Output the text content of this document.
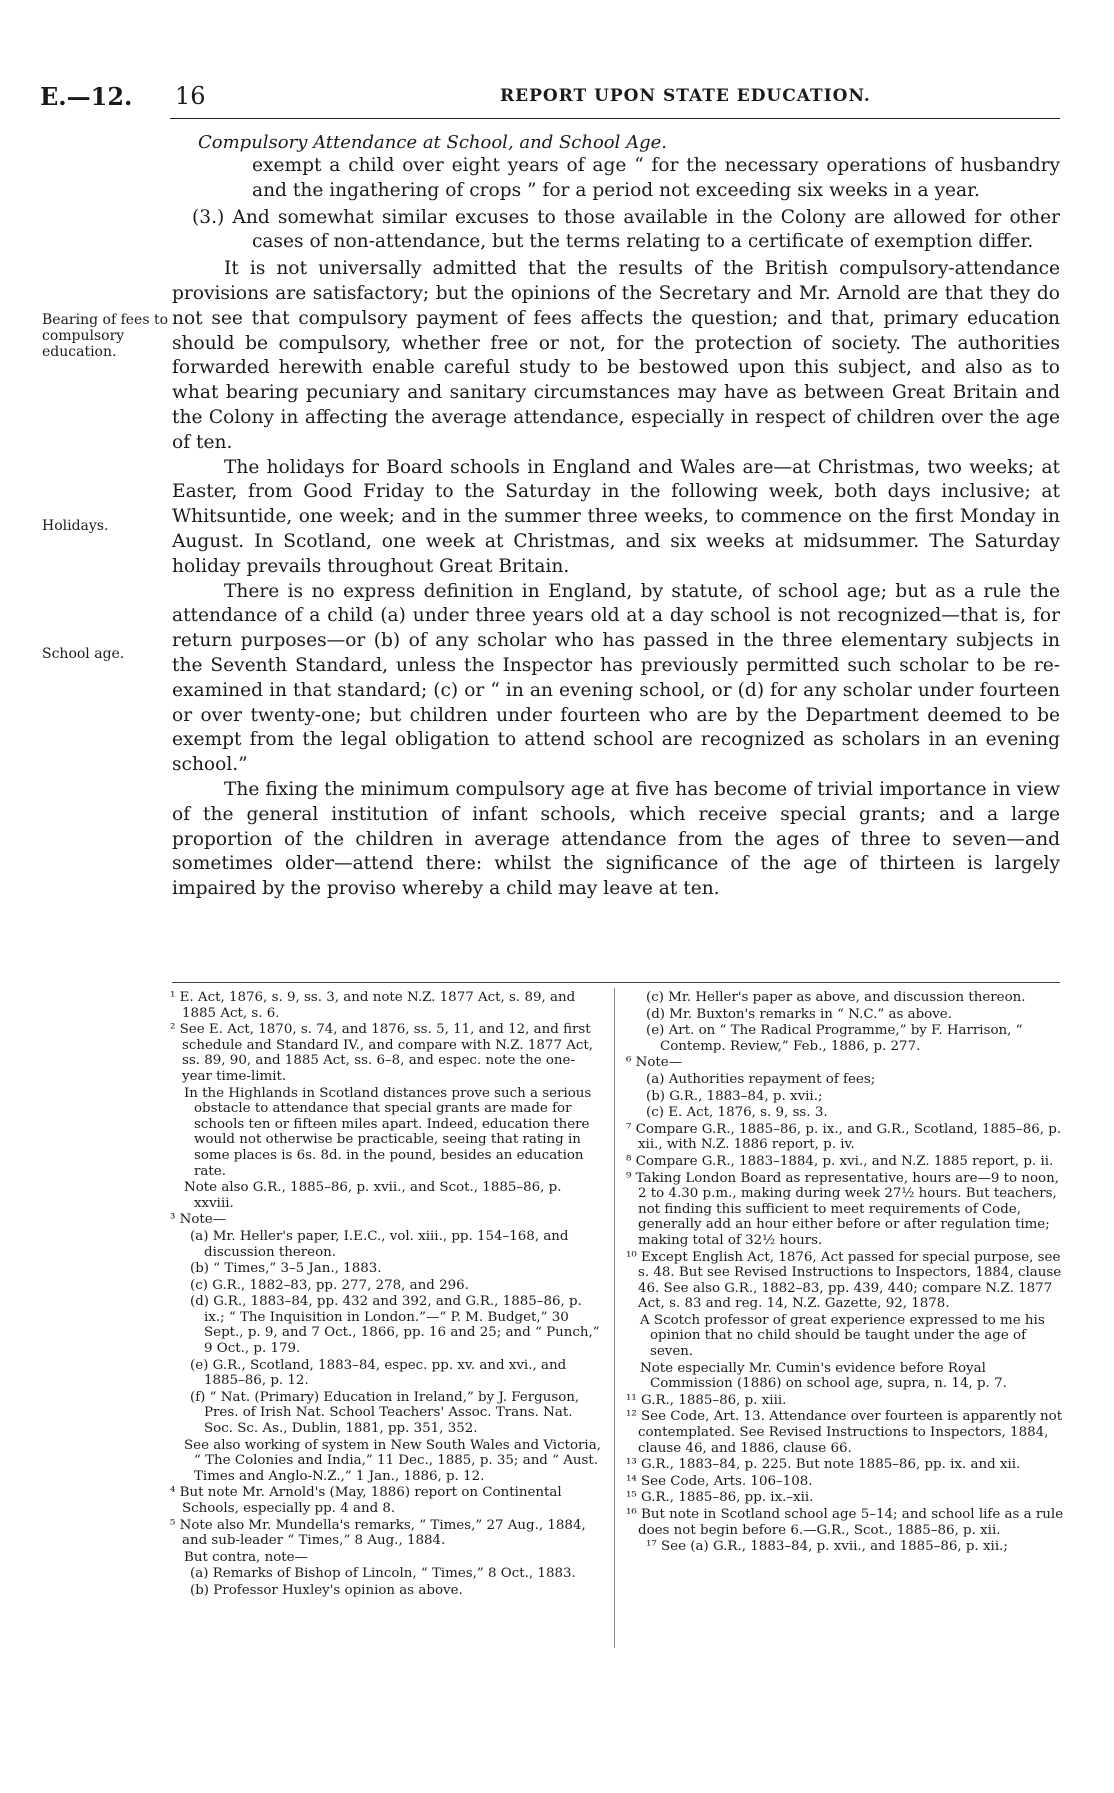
E.—12. 16	REPORT UPON STATE EDUCATION.
Compulsory Attendance at School, and School Age.
Bearing of fees to compulsory education.
Holidays.
School age.

exempt a child over eight years of age “ for the necessary operations of husbandry and the ingathering of crops ” for a period not exceeding six weeks in a year.

(3.) And somewhat similar excuses to those available in the Colony are allowed for other cases of non-attendance, but the terms relating to a certificate of exemption differ.

It is not universally admitted that the results of the British compulsory-attendance provisions are satisfactory; but the opinions of the Secretary and Mr. Arnold are that they do not see that compulsory payment of fees affects the question; and that, primary education should be compulsory, whether free or not, for the protection of society. The authorities forwarded herewith enable careful study to be bestowed upon this subject, and also as to what bearing pecuniary and sanitary circumstances may have as between Great Britain and the Colony in affecting the average attendance, especially in respect of children over the age of ten.

The holidays for Board schools in England and Wales are—at Christmas, two weeks; at Easter, from Good Friday to the Saturday in the following week, both days inclusive; at Whitsuntide, one week; and in the summer three weeks, to commence on the first Monday in August. In Scotland, one week at Christmas, and six weeks at midsummer. The Saturday holiday prevails throughout Great Britain.

There is no express definition in England, by statute, of school age; but as a rule the attendance of a child (a) under three years old at a day school is not recognized—that is, for return purposes—or (b) of any scholar who has passed in the three elementary subjects in the Seventh Standard, unless the Inspector has previously permitted such scholar to be re-examined in that standard; (c) or “ in an evening school, or (d) for any scholar under fourteen or over twenty-one; but children under fourteen who are by the Department deemed to be exempt from the legal obligation to attend school are recognized as scholars in an evening school.”

The fixing the minimum compulsory age at five has become of trivial importance in view of the general institution of infant schools, which receive special grants; and a large proportion of the children in average attendance from the ages of three to seven—and sometimes older—attend there: whilst the significance of the age of thirteen is largely impaired by the proviso whereby a child may leave at ten.

¹ E. Act, 1876, s. 9, ss. 3, and note N.Z. 1877 Act, s. 89, and 1885 Act, s. 6.

² See E. Act, 1870, s. 74, and 1876, ss. 5, 11, and 12, and first schedule and Standard IV., and compare with N.Z. 1877 Act, ss. 89, 90, and 1885 Act, ss. 6–8, and espec. note the one-year time-limit.

In the Highlands in Scotland distances prove such a serious obstacle to attendance that special grants are made for schools ten or fifteen miles apart. Indeed, education there would not otherwise be practicable, seeing that rating in some places is 6s. 8d. in the pound, besides an education rate.

Note also G.R., 1885–86, p. xvii., and Scot., 1885–86, p. xxviii.

³ Note—

(a) Mr. Heller's paper, I.E.C., vol. xiii., pp. 154–168, and discussion thereon.

(b) “ Times,” 3–5 Jan., 1883.

(c) G.R., 1882–83, pp. 277, 278, and 296.

(d) G.R., 1883–84, pp. 432 and 392, and G.R., 1885–86, p. ix.; “ The Inquisition in London.”—“ P. M. Budget,” 30 Sept., p. 9, and 7 Oct., 1866, pp. 16 and 25; and “ Punch,” 9 Oct., p. 179.

(e) G.R., Scotland, 1883–84, espec. pp. xv. and xvi., and 1885–86, p. 12.

(f) “ Nat. (Primary) Education in Ireland,” by J. Ferguson, Pres. of Irish Nat. School Teachers' Assoc. Trans. Nat. Soc. Sc. As., Dublin, 1881, pp. 351, 352.

See also working of system in New South Wales and Victoria, “ The Colonies and India,” 11 Dec., 1885, p. 35; and “ Aust. Times and Anglo-N.Z.,” 1 Jan., 1886, p. 12.

⁴ But note Mr. Arnold's (May, 1886) report on Continental Schools, especially pp. 4 and 8.

⁵ Note also Mr. Mundella's remarks, “ Times,” 27 Aug., 1884, and sub-leader “ Times,” 8 Aug., 1884.

But contra, note—

(a) Remarks of Bishop of Lincoln, “ Times,” 8 Oct., 1883.

(b) Professor Huxley's opinion as above.

(c) Mr. Heller's paper as above, and discussion thereon.

(d) Mr. Buxton's remarks in “ N.C.” as above.

(e) Art. on “ The Radical Programme,” by F. Harrison, “ Contemp. Review,” Feb., 1886, p. 277.

⁶ Note—

(a) Authorities repayment of fees;

(b) G.R., 1883–84, p. xvii.;

(c) E. Act, 1876, s. 9, ss. 3.

⁷ Compare G.R., 1885–86, p. ix., and G.R., Scotland, 1885–86, p. xii., with N.Z. 1886 report, p. iv.

⁸ Compare G.R., 1883–1884, p. xvi., and N.Z. 1885 report, p. ii.

⁹ Taking London Board as representative, hours are—9 to noon, 2 to 4.30 p.m., making during week 27½ hours. But teachers, not finding this sufficient to meet requirements of Code, generally add an hour either before or after regulation time; making total of 32½ hours.

¹⁰ Except English Act, 1876, Act passed for special purpose, see s. 48. But see Revised Instructions to Inspectors, 1884, clause 46. See also G.R., 1882–83, pp. 439, 440; compare N.Z. 1877 Act, s. 83 and reg. 14, N.Z. Gazette, 92, 1878.

A Scotch professor of great experience expressed to me his opinion that no child should be taught under the age of seven.

Note especially Mr. Cumin's evidence before Royal Commission (1886) on school age, supra, n. 14, p. 7.

¹¹ G.R., 1885–86, p. xiii.

¹² See Code, Art. 13. Attendance over fourteen is apparently not contemplated. See Revised Instructions to Inspectors, 1884, clause 46, and 1886, clause 66.

¹³ G.R., 1883–84, p. 225. But note 1885–86, pp. ix. and xii.

¹⁴ See Code, Arts. 106–108.

¹⁵ G.R., 1885–86, pp. ix.–xii.

¹⁶ But note in Scotland school age 5–14; and school life as a rule does not begin before 6.—G.R., Scot., 1885–86, p. xii.

¹⁷ See (a) G.R., 1883–84, p. xvii., and 1885–86, p. xii.;
